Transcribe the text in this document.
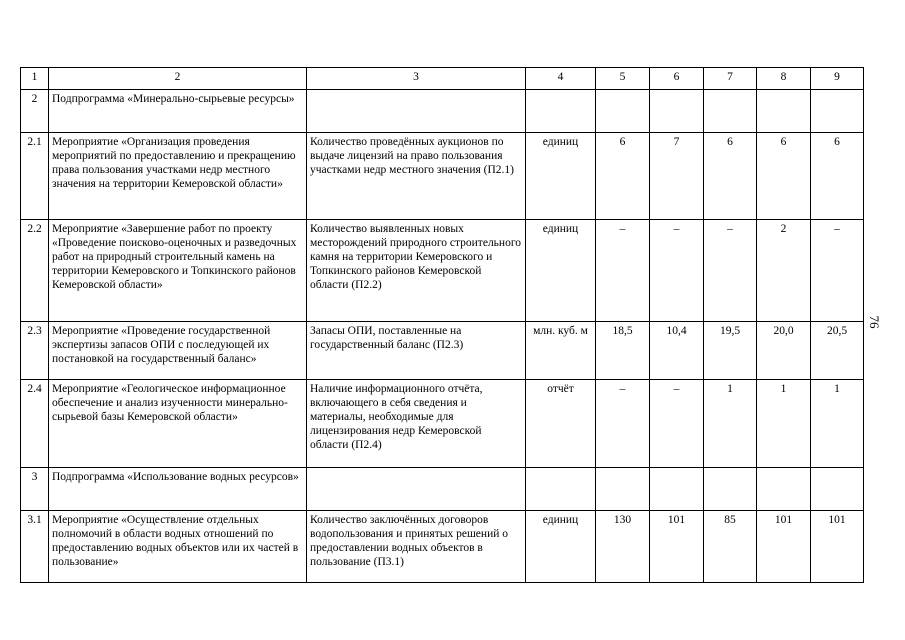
1	2	3	4	5	6	7	8	9
2	Подпрограмма «Минерально-сырьевые ресурсы»							
2.1	Мероприятие «Организация проведения мероприятий по предоставлению и прекращению права пользования участками недр местного значения на территории Кемеровской области»	Количество проведённых аукционов по выдаче лицензий на право пользования участками недр местного значения (П2.1)	единиц	6	7	6	6	6
2.2	Мероприятие «Завершение работ по проекту «Проведение поисково-оценочных и разведочных работ на природный строительный камень на территории Кемеровского и Топкинского районов Кемеровской области»	Количество выявленных новых месторождений природного строительного камня на территории Кемеровского и Топкинского районов Кемеровской области (П2.2)	единиц	–	–	–	2	–
2.3	Мероприятие «Проведение государственной экспертизы запасов ОПИ с последующей их постановкой на государственный баланс»	Запасы ОПИ, поставленные на государственный баланс (П2.3)	млн. куб. м	18,5	10,4	19,5	20,0	20,5
2.4	Мероприятие «Геологическое информационное обеспечение и анализ изученности минерально-сырьевой базы Кемеровской области»	Наличие информационного отчёта, включающего в себя сведения и материалы, необходимые для лицензирования недр Кемеровской области (П2.4)	отчёт	–	–	1	1	1
3	Подпрограмма «Использование водных ресурсов»							
3.1	Мероприятие «Осуществление отдельных полномочий в области водных отношений по предоставлению водных объектов или их частей в пользование»	Количество заключённых договоров водопользования и принятых решений о предоставлении водных объектов в пользование (П3.1)	единиц	130	101	85	101	101
76
